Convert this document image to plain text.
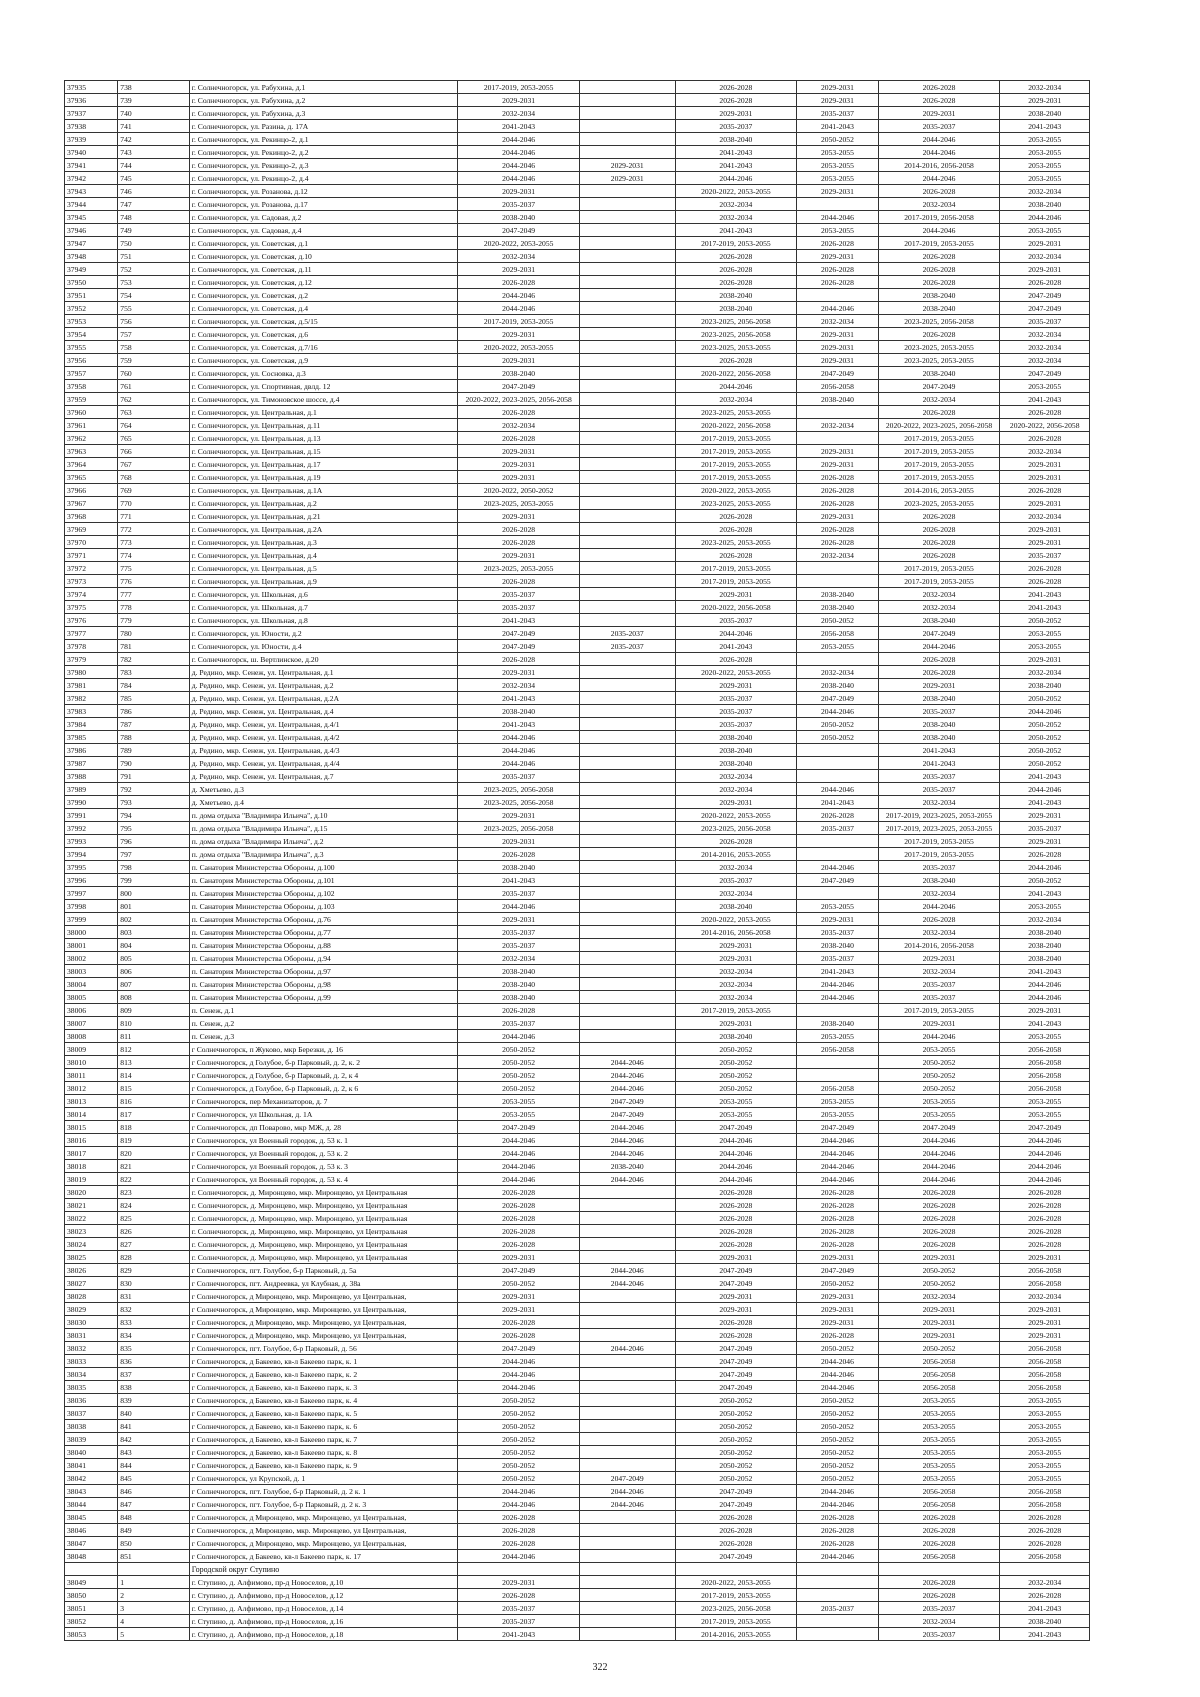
37935	738	г. Солнечногорск, ул. Рабухина, д.1	2017-2019, 2053-2055		2026-2028	2029-2031	2026-2028	2032-2034
37936	739	г. Солнечногорск, ул. Рабухина, д.2	2029-2031		2026-2028	2029-2031	2026-2028	2029-2031
37937	740	г. Солнечногорск, ул. Рабухина, д.3	2032-2034		2029-2031	2035-2037	2029-2031	2038-2040
37938	741	г. Солнечногорск, ул. Разина, д. 17А	2041-2043		2035-2037	2041-2043	2035-2037	2041-2043
37939	742	г. Солнечногорск, ул. Рекинцо-2, д.1	2044-2046		2038-2040	2050-2052	2044-2046	2053-2055
37940	743	г. Солнечногорск, ул. Рекинцо-2, д.2	2044-2046		2041-2043	2053-2055	2044-2046	2053-2055
37941	744	г. Солнечногорск, ул. Рекинцо-2, д.3	2044-2046	2029-2031	2041-2043	2053-2055	2014-2016, 2056-2058	2053-2055
37942	745	г. Солнечногорск, ул. Рекинцо-2, д.4	2044-2046	2029-2031	2044-2046	2053-2055	2044-2046	2053-2055
37943	746	г. Солнечногорск, ул. Розанова, д.12	2029-2031		2020-2022, 2053-2055	2029-2031	2026-2028	2032-2034
37944	747	г. Солнечногорск, ул. Розанова, д.17	2035-2037		2032-2034		2032-2034	2038-2040
37945	748	г. Солнечногорск, ул. Садовая, д.2	2038-2040		2032-2034	2044-2046	2017-2019, 2056-2058	2044-2046
37946	749	г. Солнечногорск, ул. Садовая, д.4	2047-2049		2041-2043	2053-2055	2044-2046	2053-2055
37947	750	г. Солнечногорск, ул. Советская, д.1	2020-2022, 2053-2055		2017-2019, 2053-2055	2026-2028	2017-2019, 2053-2055	2029-2031
37948	751	г. Солнечногорск, ул. Советская, д.10	2032-2034		2026-2028	2029-2031	2026-2028	2032-2034
37949	752	г. Солнечногорск, ул. Советская, д.11	2029-2031		2026-2028	2026-2028	2026-2028	2029-2031
37950	753	г. Солнечногорск, ул. Советская, д.12	2026-2028		2026-2028	2026-2028	2026-2028	2026-2028
37951	754	г. Солнечногорск, ул. Советская, д.2	2044-2046		2038-2040		2038-2040	2047-2049
37952	755	г. Солнечногорск, ул. Советская, д.4	2044-2046		2038-2040	2044-2046	2038-2040	2047-2049
37953	756	г. Солнечногорск, ул. Советская, д.5/15	2017-2019, 2053-2055		2023-2025, 2056-2058	2032-2034	2023-2025, 2056-2058	2035-2037
37954	757	г. Солнечногорск, ул. Советская, д.6	2029-2031		2023-2025, 2056-2058	2029-2031	2026-2028	2032-2034
37955	758	г. Солнечногорск, ул. Советская, д.7/16	2020-2022, 2053-2055		2023-2025, 2053-2055	2029-2031	2023-2025, 2053-2055	2032-2034
37956	759	г. Солнечногорск, ул. Советская, д.9	2029-2031		2026-2028	2029-2031	2023-2025, 2053-2055	2032-2034
37957	760	г. Солнечногорск, ул. Сосновка, д.3	2038-2040		2020-2022, 2056-2058	2047-2049	2038-2040	2047-2049
37958	761	г. Солнечногорск, ул. Спортивная, двлд. 12	2047-2049		2044-2046	2056-2058	2047-2049	2053-2055
37959	762	г. Солнечногорск, ул. Тимоновское шоссе, д.4	2020-2022, 2023-2025, 2056-2058		2032-2034	2038-2040	2032-2034	2041-2043
37960	763	г. Солнечногорск, ул. Центральная, д.1	2026-2028		2023-2025, 2053-2055		2026-2028	2026-2028
37961	764	г. Солнечногорск, ул. Центральная, д.11	2032-2034		2020-2022, 2056-2058	2032-2034	2020-2022, 2023-2025, 2056-2058	2020-2022, 2056-2058
37962	765	г. Солнечногорск, ул. Центральная, д.13	2026-2028		2017-2019, 2053-2055		2017-2019, 2053-2055	2026-2028
37963	766	г. Солнечногорск, ул. Центральная, д.15	2029-2031		2017-2019, 2053-2055	2029-2031	2017-2019, 2053-2055	2032-2034
37964	767	г. Солнечногорск, ул. Центральная, д.17	2029-2031		2017-2019, 2053-2055	2029-2031	2017-2019, 2053-2055	2029-2031
37965	768	г. Солнечногорск, ул. Центральная, д.19	2029-2031		2017-2019, 2053-2055	2026-2028	2017-2019, 2053-2055	2029-2031
37966	769	г. Солнечногорск, ул. Центральная, д.1А	2020-2022, 2050-2052		2020-2022, 2053-2055	2026-2028	2014-2016, 2053-2055	2026-2028
37967	770	г. Солнечногорск, ул. Центральная, д.2	2023-2025, 2053-2055		2023-2025, 2053-2055	2026-2028	2023-2025, 2053-2055	2029-2031
37968	771	г. Солнечногорск, ул. Центральная, д.21	2029-2031		2026-2028	2029-2031	2026-2028	2032-2034
37969	772	г. Солнечногорск, ул. Центральная, д.2А	2026-2028		2026-2028	2026-2028	2026-2028	2029-2031
37970	773	г. Солнечногорск, ул. Центральная, д.3	2026-2028		2023-2025, 2053-2055	2026-2028	2026-2028	2029-2031
37971	774	г. Солнечногорск, ул. Центральная, д.4	2029-2031		2026-2028	2032-2034	2026-2028	2035-2037
37972	775	г. Солнечногорск, ул. Центральная, д.5	2023-2025, 2053-2055		2017-2019, 2053-2055		2017-2019, 2053-2055	2026-2028
37973	776	г. Солнечногорск, ул. Центральная, д.9	2026-2028		2017-2019, 2053-2055		2017-2019, 2053-2055	2026-2028
37974	777	г. Солнечногорск, ул. Школьная, д.6	2035-2037		2029-2031	2038-2040	2032-2034	2041-2043
37975	778	г. Солнечногорск, ул. Школьная, д.7	2035-2037		2020-2022, 2056-2058	2038-2040	2032-2034	2041-2043
37976	779	г. Солнечногорск, ул. Школьная, д.8	2041-2043		2035-2037	2050-2052	2038-2040	2050-2052
37977	780	г. Солнечногорск, ул. Юности, д.2	2047-2049	2035-2037	2044-2046	2056-2058	2047-2049	2053-2055
37978	781	г. Солнечногорск, ул. Юности, д.4	2047-2049	2035-2037	2041-2043	2053-2055	2044-2046	2053-2055
37979	782	г. Солнечногорск, ш. Вертлинское, д.20	2026-2028		2026-2028		2026-2028	2029-2031
37980	783	д. Редино, мкр. Сенеж, ул. Центральная, д.1	2029-2031		2020-2022, 2053-2055	2032-2034	2026-2028	2032-2034
37981	784	д. Редино, мкр. Сенеж, ул. Центральная, д.2	2032-2034		2029-2031	2038-2040	2029-2031	2038-2040
37982	785	д. Редино, мкр. Сенеж, ул. Центральная, д.2А	2041-2043		2035-2037	2047-2049	2038-2040	2050-2052
37983	786	д. Редино, мкр. Сенеж, ул. Центральная, д.4	2038-2040		2035-2037	2044-2046	2035-2037	2044-2046
37984	787	д. Редино, мкр. Сенеж, ул. Центральная, д.4/1	2041-2043		2035-2037	2050-2052	2038-2040	2050-2052
37985	788	д. Редино, мкр. Сенеж, ул. Центральная, д.4/2	2044-2046		2038-2040	2050-2052	2038-2040	2050-2052
37986	789	д. Редино, мкр. Сенеж, ул. Центральная, д.4/3	2044-2046		2038-2040		2041-2043	2050-2052
37987	790	д. Редино, мкр. Сенеж, ул. Центральная, д.4/4	2044-2046		2038-2040		2041-2043	2050-2052
37988	791	д. Редино, мкр. Сенеж, ул. Центральная, д.7	2035-2037		2032-2034		2035-2037	2041-2043
37989	792	д. Хметьево, д.3	2023-2025, 2056-2058		2032-2034	2044-2046	2035-2037	2044-2046
37990	793	д. Хметьево, д.4	2023-2025, 2056-2058		2029-2031	2041-2043	2032-2034	2041-2043
37991	794	п. дома отдыха "Владимира Ильича", д.10	2029-2031		2020-2022, 2053-2055	2026-2028	2017-2019, 2023-2025, 2053-2055	2029-2031
37992	795	п. дома отдыха "Владимира Ильича", д.15	2023-2025, 2056-2058		2023-2025, 2056-2058	2035-2037	2017-2019, 2023-2025, 2053-2055	2035-2037
37993	796	п. дома отдыха "Владимира Ильича", д.2	2029-2031		2026-2028		2017-2019, 2053-2055	2029-2031
37994	797	п. дома отдыха "Владимира Ильича", д.3	2026-2028		2014-2016, 2053-2055		2017-2019, 2053-2055	2026-2028
37995	798	п. Санатория Министерства Обороны, д.100	2038-2040		2032-2034	2044-2046	2035-2037	2044-2046
37996	799	п. Санатория Министерства Обороны, д.101	2041-2043		2035-2037	2047-2049	2038-2040	2050-2052
37997	800	п. Санатория Министерства Обороны, д.102	2035-2037		2032-2034		2032-2034	2041-2043
37998	801	п. Санатория Министерства Обороны, д.103	2044-2046		2038-2040	2053-2055	2044-2046	2053-2055
37999	802	п. Санатория Министерства Обороны, д.76	2029-2031		2020-2022, 2053-2055	2029-2031	2026-2028	2032-2034
38000	803	п. Санатория Министерства Обороны, д.77	2035-2037		2014-2016, 2056-2058	2035-2037	2032-2034	2038-2040
38001	804	п. Санатория Министерства Обороны, д.88	2035-2037		2029-2031	2038-2040	2014-2016, 2056-2058	2038-2040
38002	805	п. Санатория Министерства Обороны, д.94	2032-2034		2029-2031	2035-2037	2029-2031	2038-2040
38003	806	п. Санатория Министерства Обороны, д.97	2038-2040		2032-2034	2041-2043	2032-2034	2041-2043
38004	807	п. Санатория Министерства Обороны, д.98	2038-2040		2032-2034	2044-2046	2035-2037	2044-2046
38005	808	п. Санатория Министерства Обороны, д.99	2038-2040		2032-2034	2044-2046	2035-2037	2044-2046
38006	809	п. Сенеж, д.1	2026-2028		2017-2019, 2053-2055		2017-2019, 2053-2055	2029-2031
38007	810	п. Сенеж, д.2	2035-2037		2029-2031	2038-2040	2029-2031	2041-2043
38008	811	п. Сенеж, д.3	2044-2046		2038-2040	2053-2055	2044-2046	2053-2055
38009	812	г Солнечногорск, п Жуково, мкр Березки, д. 16	2050-2052		2050-2052	2056-2058	2053-2055	2056-2058
38010	813	г Солнечногорск, д Голубое, б-р Парковый, д. 2, к. 2	2050-2052	2044-2046	2050-2052		2050-2052	2056-2058
38011	814	г Солнечногорск, д Голубое, б-р Парковый, д. 2, к 4	2050-2052	2044-2046	2050-2052		2050-2052	2056-2058
38012	815	г Солнечногорск, д Голубое, б-р Парковый, д. 2, к 6	2050-2052	2044-2046	2050-2052	2056-2058	2050-2052	2056-2058
38013	816	г Солнечногорск, пер Механизаторов, д. 7	2053-2055	2047-2049	2053-2055	2053-2055	2053-2055	2053-2055
38014	817	г Солнечногорск, ул Школьная, д. 1А	2053-2055	2047-2049	2053-2055	2053-2055	2053-2055	2053-2055
38015	818	г Солнечногорск, дп Поварово, мкр МЖ, д. 28	2047-2049	2044-2046	2047-2049	2047-2049	2047-2049	2047-2049
38016	819	г Солнечногорск, ул Военный городок, д. 53 к. 1	2044-2046	2044-2046	2044-2046	2044-2046	2044-2046	2044-2046
38017	820	г Солнечногорск, ул Военный городок, д. 53 к. 2	2044-2046	2044-2046	2044-2046	2044-2046	2044-2046	2044-2046
38018	821	г Солнечногорск, ул Военный городок, д. 53 к. 3	2044-2046	2038-2040	2044-2046	2044-2046	2044-2046	2044-2046
38019	822	г Солнечногорск, ул Военный городок, д. 53 к. 4	2044-2046	2044-2046	2044-2046	2044-2046	2044-2046	2044-2046
38020	823	г. Солнечногорск, д. Миронцево, мкр. Миронцево, ул Центральная	2026-2028		2026-2028	2026-2028	2026-2028	2026-2028
38021	824	г. Солнечногорск, д. Миронцево, мкр. Миронцево, ул Центральная	2026-2028		2026-2028	2026-2028	2026-2028	2026-2028
38022	825	г. Солнечногорск, д. Миронцево, мкр. Миронцево, ул Центральная	2026-2028		2026-2028	2026-2028	2026-2028	2026-2028
38023	826	г. Солнечногорск, д. Миронцево, мкр. Миронцево, ул Центральная	2026-2028		2026-2028	2026-2028	2026-2028	2026-2028
38024	827	г. Солнечногорск, д. Миронцево, мкр. Миронцево, ул Центральная	2026-2028		2026-2028	2026-2028	2026-2028	2026-2028
38025	828	г. Солнечногорск, д. Миронцево, мкр. Миронцево, ул Центральная	2029-2031		2029-2031	2029-2031	2029-2031	2029-2031
38026	829	г Солнечногорск, пгт. Голубое, б-р Парковый, д. 5а	2047-2049	2044-2046	2047-2049	2047-2049	2050-2052	2056-2058
38027	830	г Солнечногорск, пгт. Андреевка, ул Клубная, д. 38а	2050-2052	2044-2046	2047-2049	2050-2052	2050-2052	2056-2058
38028	831	г Солнечногорск, д Миронцево, мкр. Миронцево, ул Центральная,	2029-2031		2029-2031	2029-2031	2032-2034	2032-2034
38029	832	г Солнечногорск, д Миронцево, мкр. Миронцево, ул Центральная,	2029-2031		2029-2031	2029-2031	2029-2031	2029-2031
38030	833	г Солнечногорск, д Миронцево, мкр. Миронцево, ул Центральная,	2026-2028		2026-2028	2029-2031	2029-2031	2029-2031
38031	834	г Солнечногорск, д Миронцево, мкр. Миронцево, ул Центральная,	2026-2028		2026-2028	2026-2028	2029-2031	2029-2031
38032	835	г Солнечногорск, пгт. Голубое, б-р Парковый, д. 56	2047-2049	2044-2046	2047-2049	2050-2052	2050-2052	2056-2058
38033	836	г Солнечногорск, д Бакеево, кв-л Бакеево парк, к. 1	2044-2046		2047-2049	2044-2046	2056-2058	2056-2058
38034	837	г Солнечногорск, д Бакеево, кв-л Бакеево парк, к. 2	2044-2046		2047-2049	2044-2046	2056-2058	2056-2058
38035	838	г Солнечногорск, д Бакеево, кв-л Бакеево парк, к. 3	2044-2046		2047-2049	2044-2046	2056-2058	2056-2058
38036	839	г Солнечногорск, д Бакеево, кв-л Бакеево парк, к. 4	2050-2052		2050-2052	2050-2052	2053-2055	2053-2055
38037	840	г Солнечногорск, д Бакеево, кв-л Бакеево парк, к. 5	2050-2052		2050-2052	2050-2052	2053-2055	2053-2055
38038	841	г Солнечногорск, д Бакеево, кв-л Бакеево парк, к. 6	2050-2052		2050-2052	2050-2052	2053-2055	2053-2055
38039	842	г Солнечногорск, д Бакеево, кв-л Бакеево парк, к. 7	2050-2052		2050-2052	2050-2052	2053-2055	2053-2055
38040	843	г Солнечногорск, д Бакеево, кв-л Бакеево парк, к. 8	2050-2052		2050-2052	2050-2052	2053-2055	2053-2055
38041	844	г Солнечногорск, д Бакеево, кв-л Бакеево парк, к. 9	2050-2052		2050-2052	2050-2052	2053-2055	2053-2055
38042	845	г Солнечногорск, ул Крупской, д. 1	2050-2052	2047-2049	2050-2052	2050-2052	2053-2055	2053-2055
38043	846	г Солнечногорск, пгт. Голубое, б-р Парковый, д. 2 к. 1	2044-2046	2044-2046	2047-2049	2044-2046	2056-2058	2056-2058
38044	847	г Солнечногорск, пгт. Голубое, б-р Парковый, д. 2 к. 3	2044-2046	2044-2046	2047-2049	2044-2046	2056-2058	2056-2058
38045	848	г Солнечногорск, д Миронцево, мкр. Миронцево, ул Центральная,	2026-2028		2026-2028	2026-2028	2026-2028	2026-2028
38046	849	г Солнечногорск, д Миронцево, мкр. Миронцево, ул Центральная,	2026-2028		2026-2028	2026-2028	2026-2028	2026-2028
38047	850	г Солнечногорск, д Миронцево, мкр. Миронцево, ул Центральная,	2026-2028		2026-2028	2026-2028	2026-2028	2026-2028
38048	851	г Солнечногорск, д Бакеево, кв-л Бакеево парк, к. 17	2044-2046		2047-2049	2044-2046	2056-2058	2056-2058
		Городской округ Ступино						
38049	1	г. Ступино, д. Алфимово, пр-д Новоселов, д.10	2029-2031		2020-2022, 2053-2055		2026-2028	2032-2034
38050	2	г. Ступино, д. Алфимово, пр-д Новоселов, д.12	2026-2028		2017-2019, 2053-2055		2026-2028	2026-2028
38051	3	г. Ступино, д. Алфимово, пр-д Новоселов, д.14	2035-2037		2023-2025, 2056-2058	2035-2037	2035-2037	2041-2043
38052	4	г. Ступино, д. Алфимово, пр-д Новоселов, д.16	2035-2037		2017-2019, 2053-2055		2032-2034	2038-2040
38053	5	г. Ступино, д. Алфимово, пр-д Новоселов, д.18	2041-2043		2014-2016, 2053-2055		2035-2037	2041-2043
322
